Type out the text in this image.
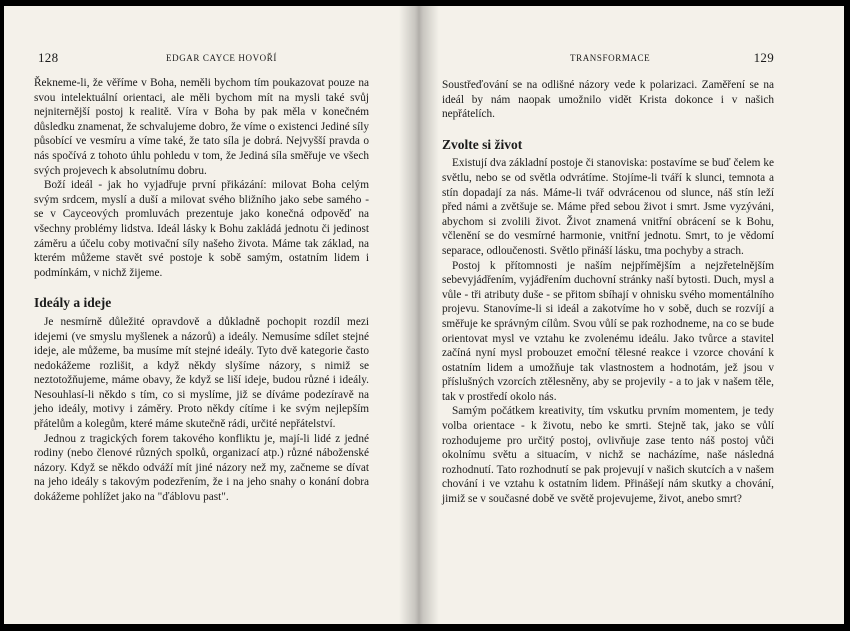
128	EDGAR CAYCE HOVOŘÍ

Řekneme-li, že věříme v Boha, neměli bychom tím poukazovat pouze na svou intelektuální orientaci, ale měli bychom mít na mysli také svůj nejniternější postoj k realitě. Víra v Boha by pak měla v konečném důsledku znamenat, že schvalujeme dobro, že víme o existenci Jediné síly působící ve vesmíru a víme také, že tato síla je dobrá. Nejvyšší pravda o nás spočívá z tohoto úhlu pohledu v tom, že Jediná síla směřuje ve všech svých projevech k absolutnímu dobru.

Boží ideál - jak ho vyjadřuje první přikázání: milovat Boha celým svým srdcem, myslí a duší a milovat svého bližního jako sebe samého - se v Cayceových promluvách prezentuje jako konečná odpověď na všechny problémy lidstva. Ideál lásky k Bohu zakládá jednotu či jedinost záměru a účelu coby motivační síly našeho života. Máme tak základ, na kterém můžeme stavět své postoje k sobě samým, ostatním lidem i podmínkám, v nichž žijeme.

Ideály a ideje

Je nesmírně důležité opravdově a důkladně pochopit rozdíl mezi idejemi (ve smyslu myšlenek a názorů) a ideály. Nemusíme sdílet stejné ideje, ale můžeme, ba musíme mít stejné ideály. Tyto dvě kategorie často nedokážeme rozlišit, a když někdy slyšíme názory, s nimiž se neztotožňujeme, máme obavy, že když se liší ideje, budou různé i ideály. Nesouhlasí-li někdo s tím, co si myslíme, již se díváme podezíravě na jeho ideály, motivy i záměry. Proto někdy cítíme i ke svým nejlepším přátelům a kolegům, které máme skutečně rádi, určité nepřátelství.

Jednou z tragických forem takového konfliktu je, mají-li lidé z jedné rodiny (nebo členové různých spolků, organizací atp.) různé náboženské názory. Když se někdo odváží mít jiné názory než my, začneme se dívat na jeho ideály s takovým podezřením, že i na jeho snahy o konání dobra dokážeme pohlížet jako na "ďáblovu past".

TRANSFORMACE	129

Soustřeďování se na odlišné názory vede k polarizaci. Zaměření se na ideál by nám naopak umožnilo vidět Krista dokonce i v našich nepřátelích.

Zvolte si život

Existují dva základní postoje či stanoviska: postavíme se buď čelem ke světlu, nebo se od světla odvrátíme. Stojíme-li tváří k slunci, temnota a stín dopadají za nás. Máme-li tvář odvrácenou od slunce, náš stín leží před námi a zvětšuje se. Máme před sebou život i smrt. Jsme vyzýváni, abychom si zvolili život. Život znamená vnitřní obrácení se k Bohu, včlenění se do vesmírné harmonie, vnitřní jednotu. Smrt, to je vědomí separace, odloučenosti. Světlo přináší lásku, tma pochyby a strach.

Postoj k přítomnosti je naším nejpřímějším a nejzřetelnějším sebevyjádřením, vyjádřením duchovní stránky naší bytosti. Duch, mysl a vůle - tři atributy duše - se přitom sbíhají v ohnisku svého momentálního projevu. Stanovíme-li si ideál a zakotvíme ho v sobě, duch se rozvíjí a směřuje ke správným cílům. Svou vůlí se pak rozhodneme, na co se bude orientovat mysl ve vztahu ke zvolenému ideálu. Jako tvůrce a stavitel začíná nyní mysl probouzet emoční tělesné reakce i vzorce chování k ostatním lidem a umožňuje tak vlastnostem a hodnotám, jež jsou v příslušných vzorcích ztělesněny, aby se projevily - a to jak v našem těle, tak v prostředí okolo nás.

Samým počátkem kreativity, tím vskutku prvním momentem, je tedy volba orientace - k životu, nebo ke smrti. Stejně tak, jako se vůlí rozhodujeme pro určitý postoj, ovlivňuje zase tento náš postoj vůči okolnímu světu a situacím, v nichž se nacházíme, naše následná rozhodnutí. Tato rozhodnutí se pak projevují v našich skutcích a v našem chování i ve vztahu k ostatním lidem. Přinášejí nám skutky a chování, jimiž se v současné době ve světě projevujeme, život, anebo smrt?
